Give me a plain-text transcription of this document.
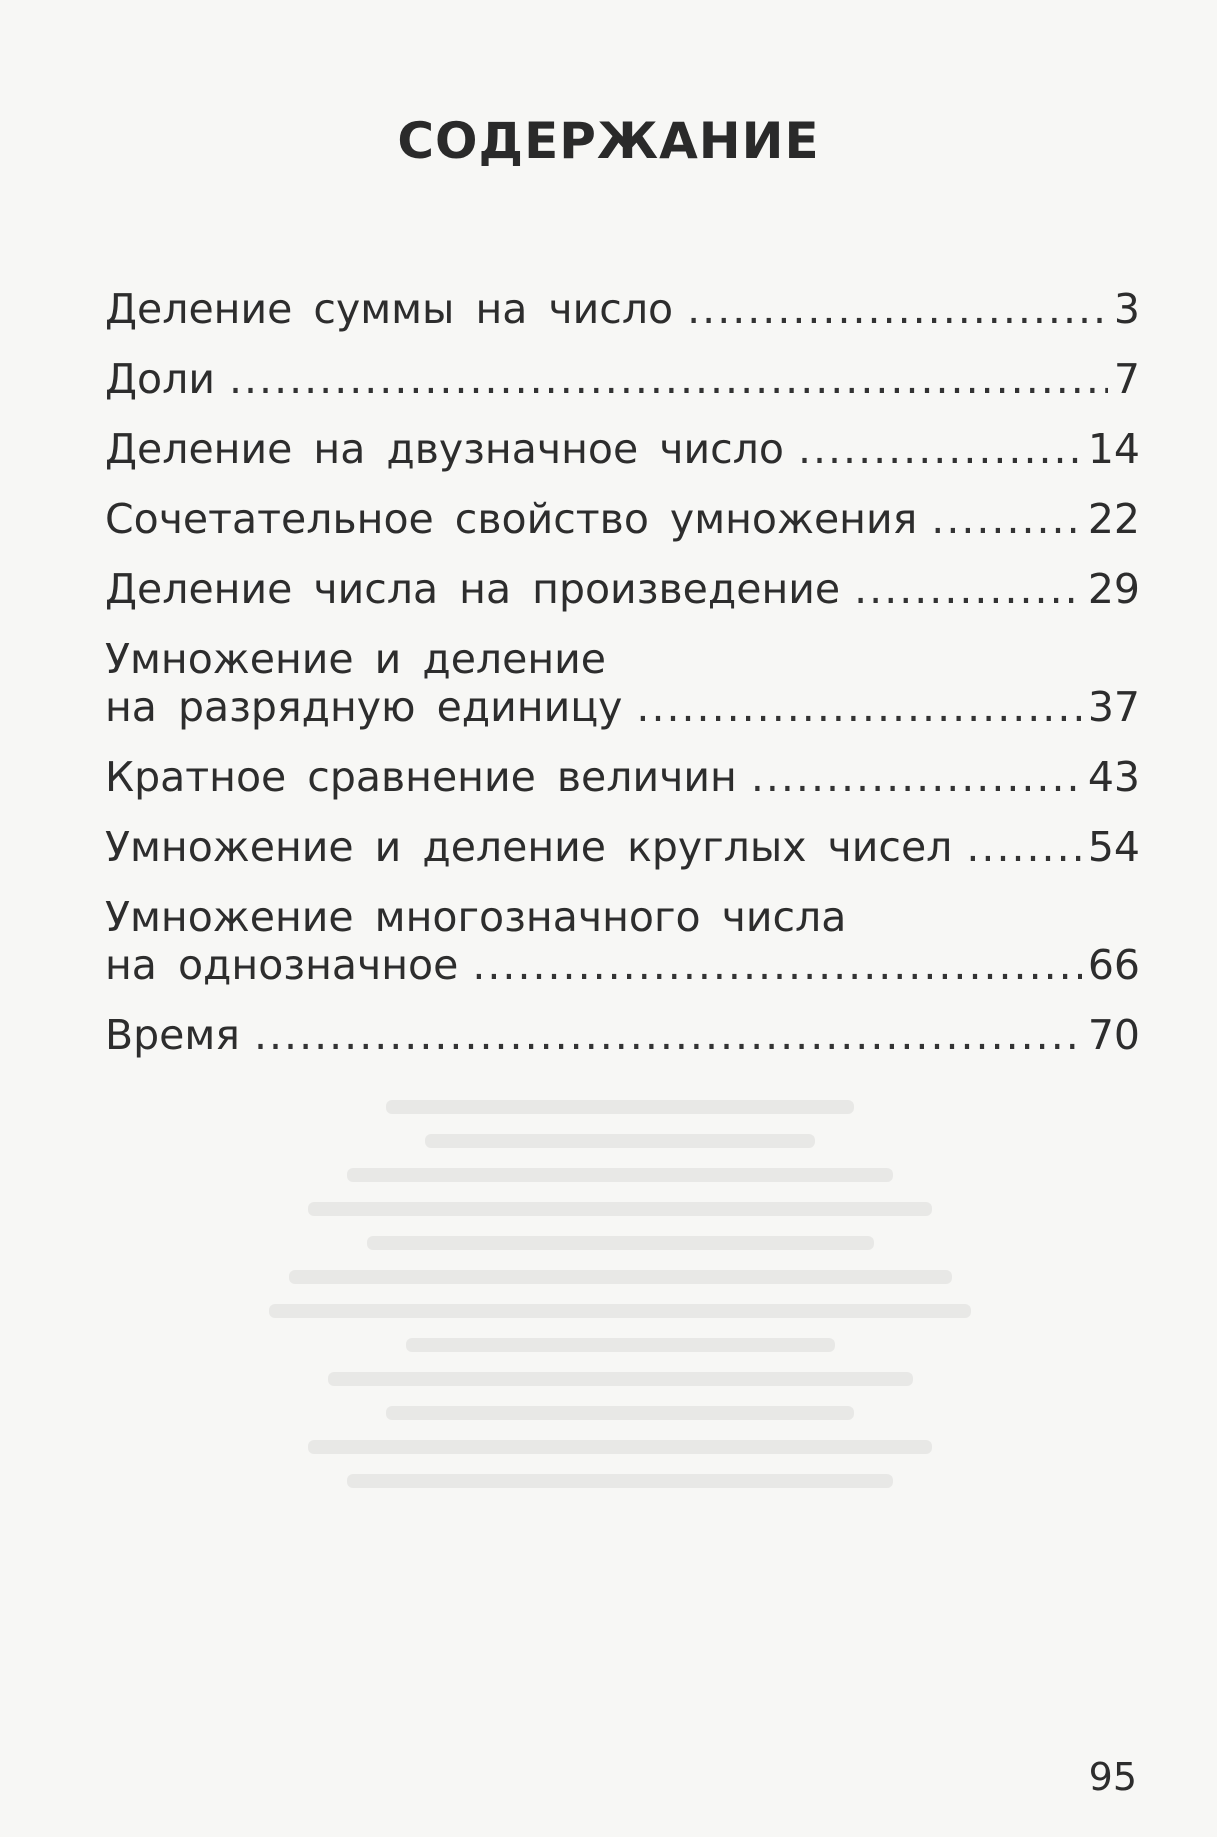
СОДЕРЖАНИЕ
Деление суммы на число .....	3
Доли .....	7
Деление на двузначное число .....	14
Сочетательное свойство умножения .....	22
Деление числа на произведение .....	29
Умножение и деление
на разрядную единицу .....	37
Кратное сравнение величин .....	43
Умножение и деление круглых чисел .....	54
Умножение многозначного числа
на однозначное .....	66
Время .....	70
95
